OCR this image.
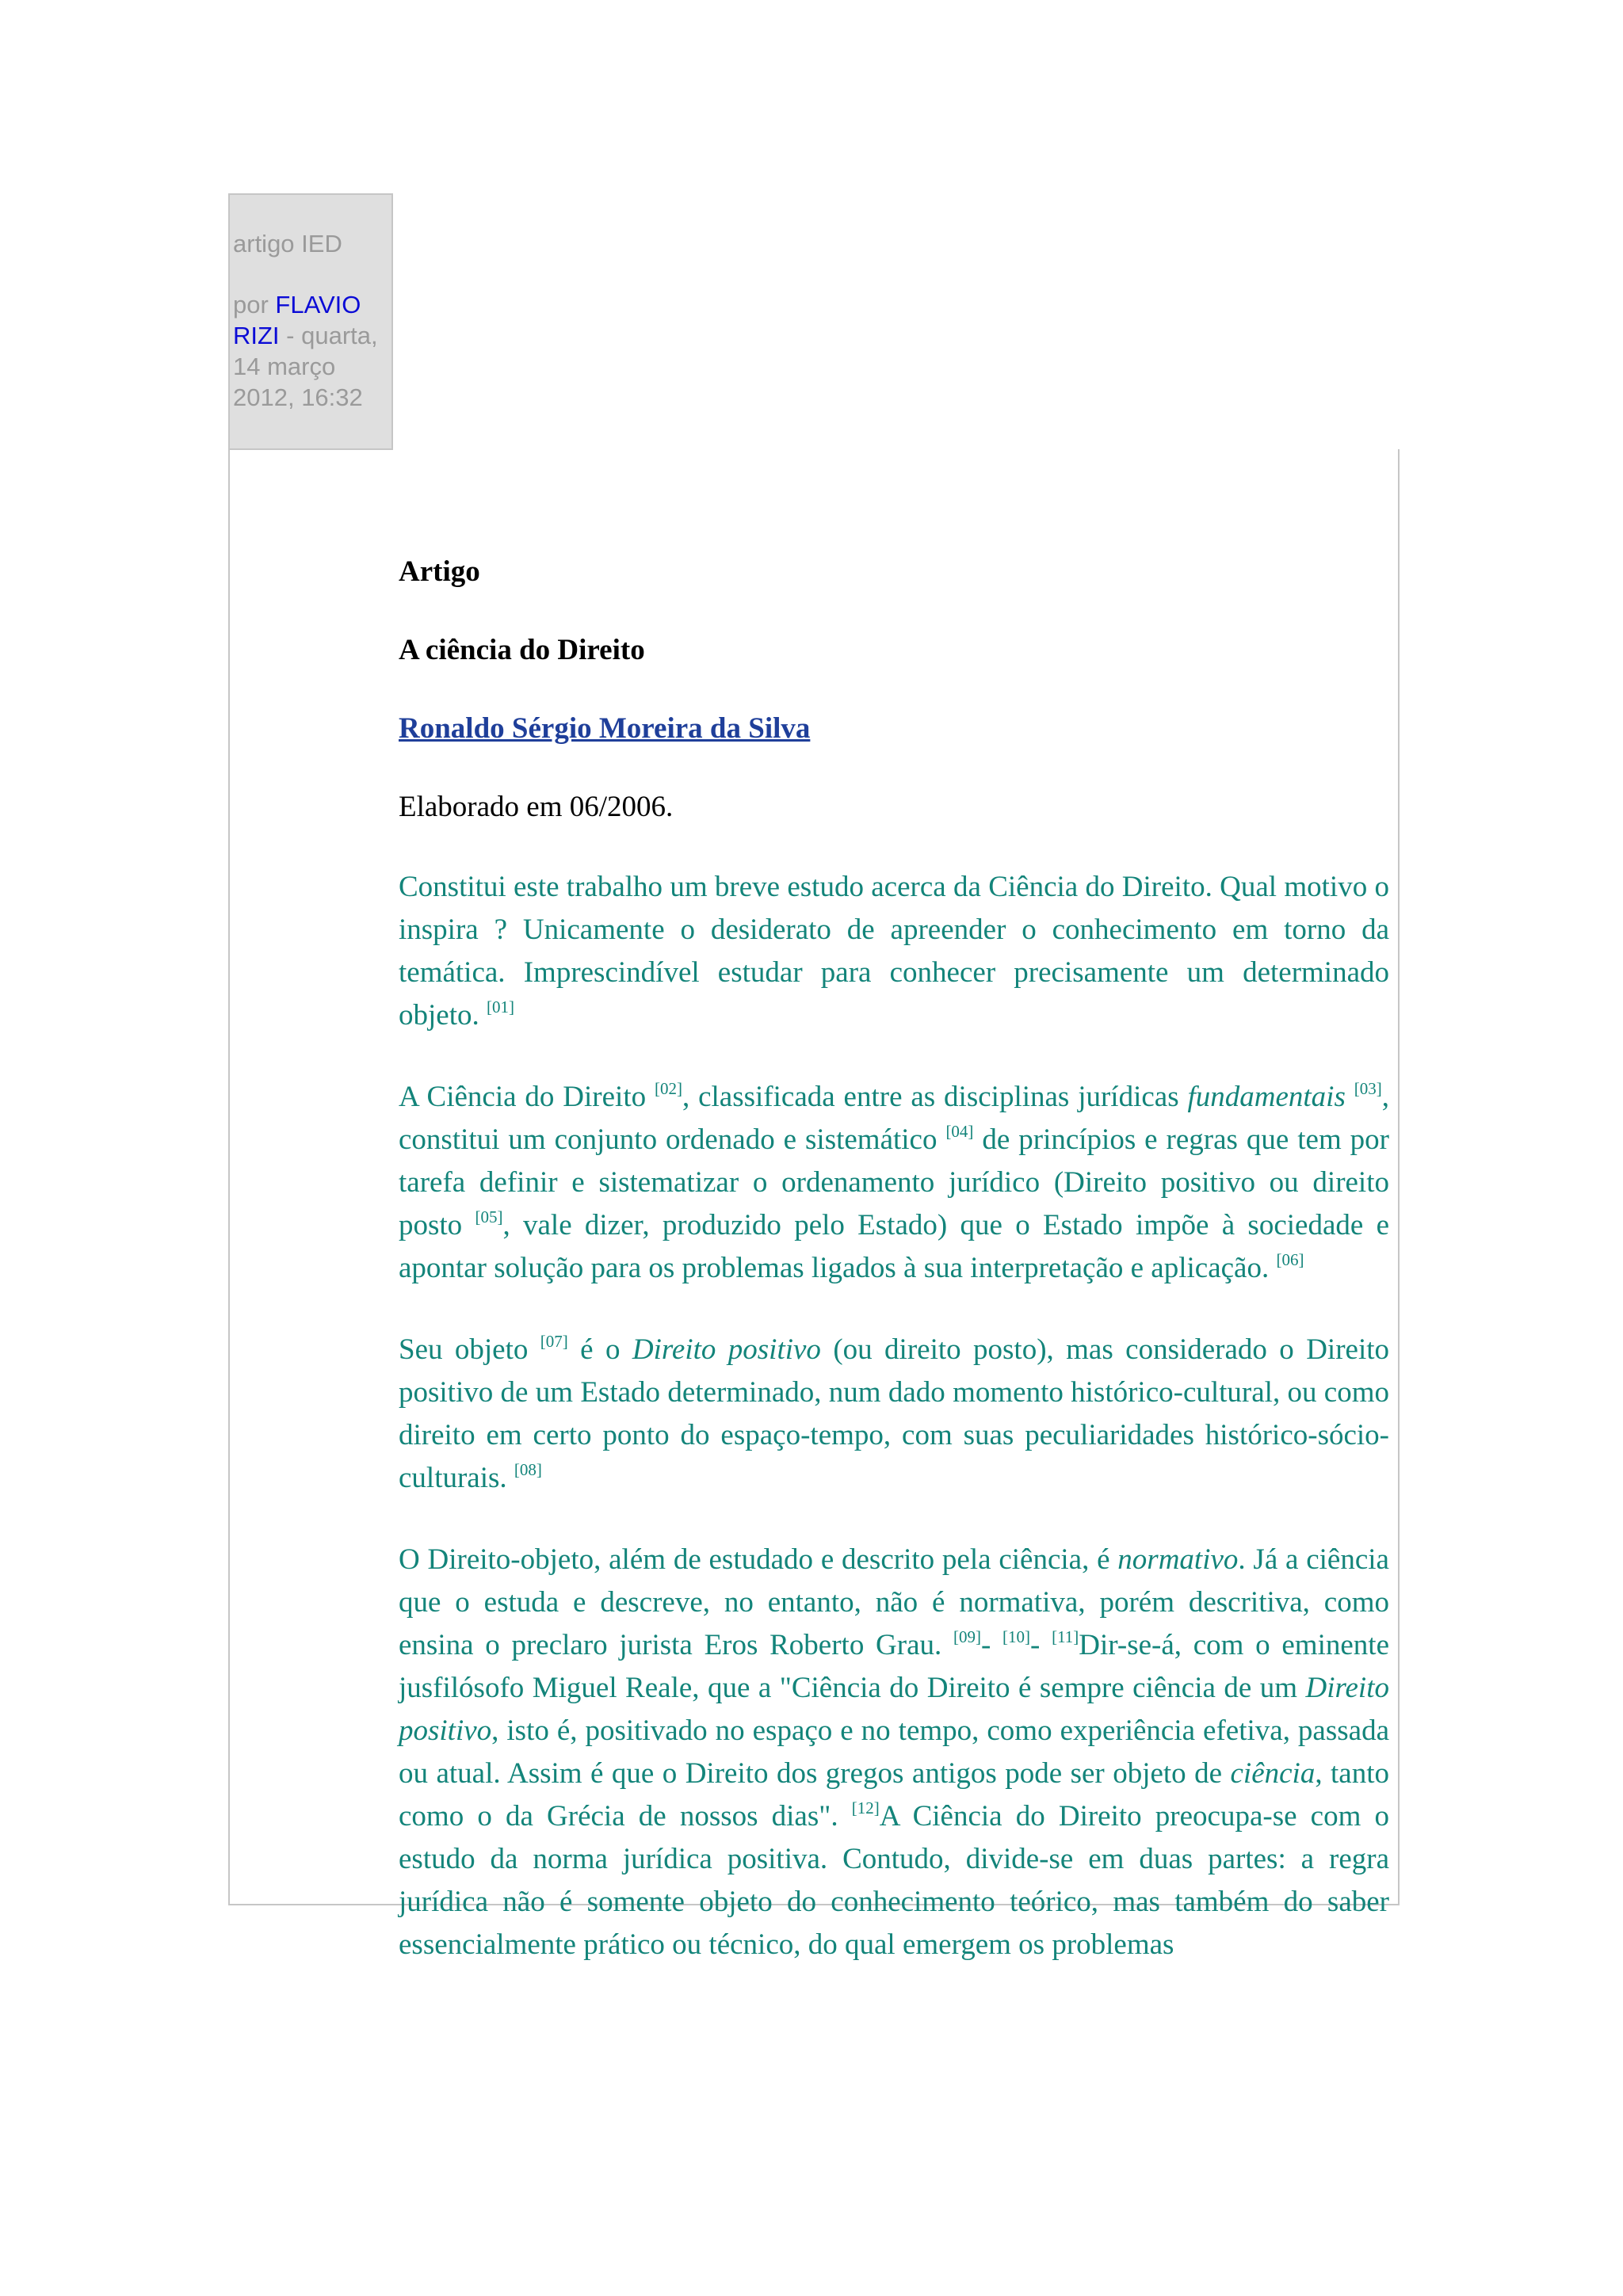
artigo IED
por FLAVIO RIZI - quarta, 14 março 2012, 16:32
Artigo
A ciência do Direito
Ronaldo Sérgio Moreira da Silva
Elaborado em 06/2006.

Constitui este trabalho um breve estudo acerca da Ciência do Direito. Qual motivo o inspira ? Unicamente o desiderato de apreender o conhecimento em torno da temática. Imprescindível estudar para conhecer precisamente um determinado objeto. [01]

A Ciência do Direito [02], classificada entre as disciplinas jurídicas fundamentais [03], constitui um conjunto ordenado e sistemático [04] de princípios e regras que tem por tarefa definir e sistematizar o ordenamento jurídico (Direito positivo ou direito posto [05], vale dizer, produzido pelo Estado) que o Estado impõe à sociedade e apontar solução para os problemas ligados à sua interpretação e aplicação. [06]

Seu objeto [07] é o Direito positivo (ou direito posto), mas considerado o Direito positivo de um Estado determinado, num dado momento histórico-cultural, ou como direito em certo ponto do espaço-tempo, com suas peculiaridades histórico-sócio-culturais. [08]

O Direito-objeto, além de estudado e descrito pela ciência, é normativo. Já a ciência que o estuda e descreve, no entanto, não é normativa, porém descritiva, como ensina o preclaro jurista Eros Roberto Grau. [09]- [10]- [11]Dir-se-á, com o eminente jusfilósofo Miguel Reale, que a "Ciência do Direito é sempre ciência de um Direito positivo, isto é, positivado no espaço e no tempo, como experiência efetiva, passada ou atual. Assim é que o Direito dos gregos antigos pode ser objeto de ciência, tanto como o da Grécia de nossos dias". [12]A Ciência do Direito preocupa-se com o estudo da norma jurídica positiva. Contudo, divide-se em duas partes: a regra jurídica não é somente objeto do conhecimento teórico, mas também do saber essencialmente prático ou técnico, do qual emergem os problemas
